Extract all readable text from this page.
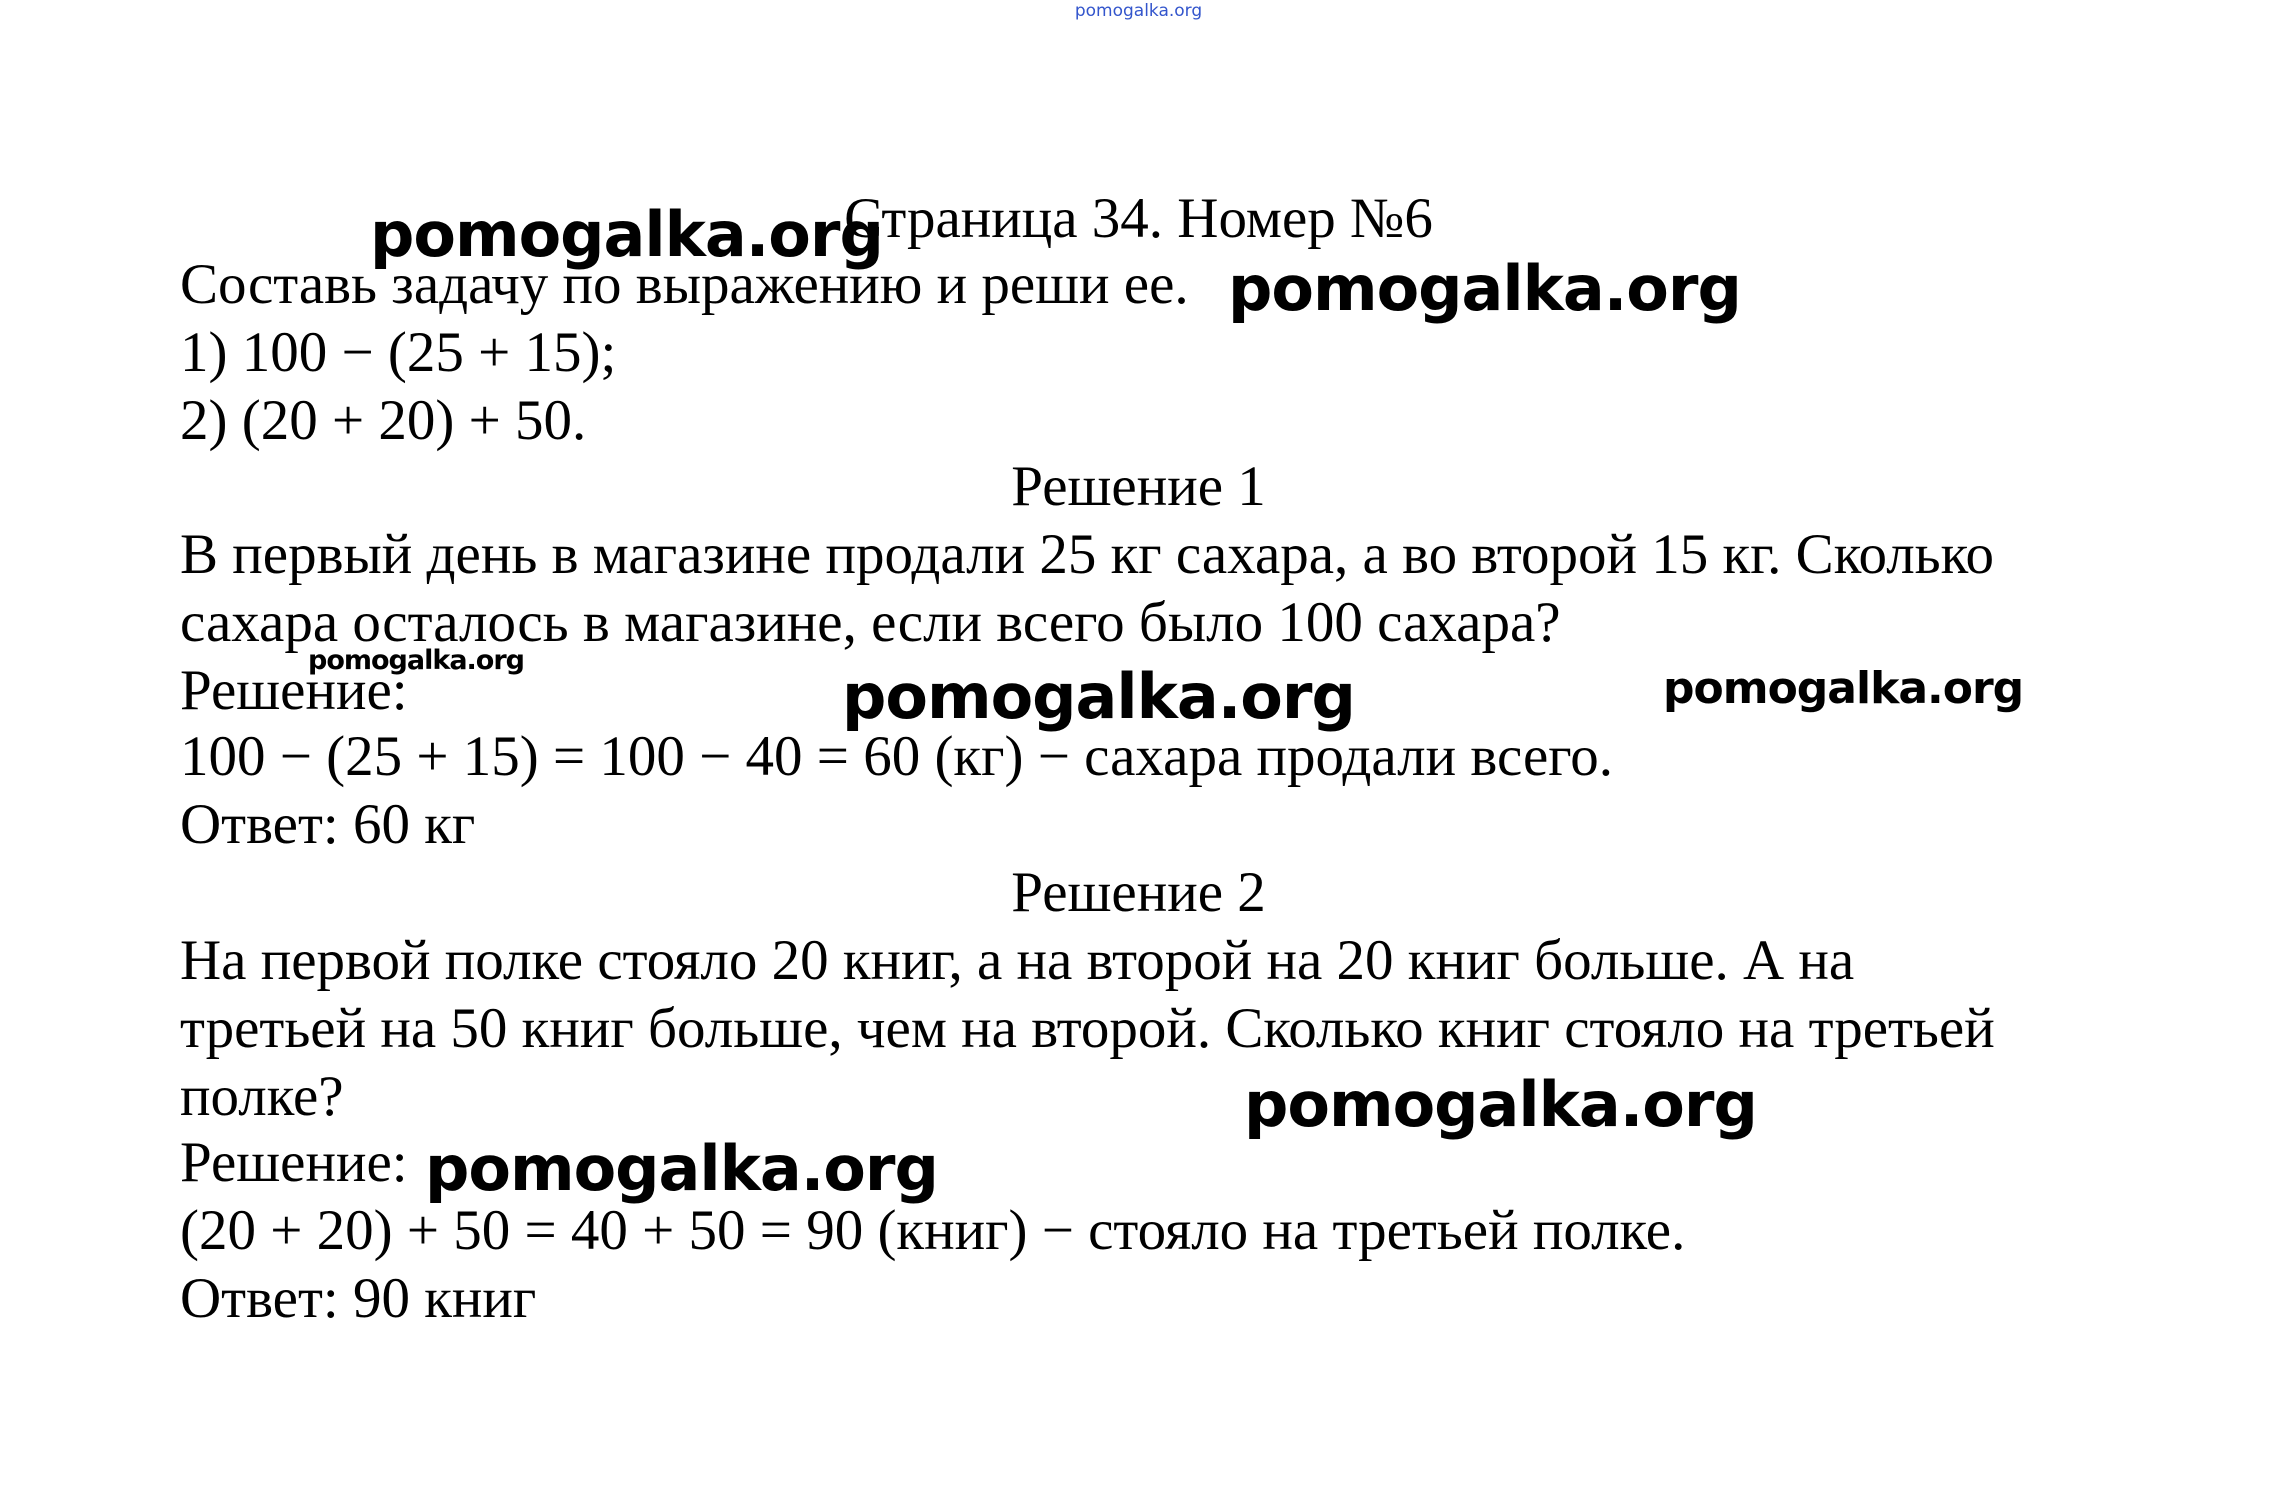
pomogalka.org
Страница 34. Номер №6
Составь задачу по выражению и реши ее.
1) 100 − (25 + 15);
2) (20 + 20) + 50.
Решение 1
В первый день в магазине продали 25 кг сахара, а во второй 15 кг. Сколько
сахара осталось в магазине, если всего было 100 сахара?
Решение:
100 − (25 + 15) = 100 − 40 = 60 (кг) − сахара продали всего.
Ответ: 60 кг
Решение 2
На первой полке стояло 20 книг, а на второй на 20 книг больше. А на
третьей на 50 книг больше, чем на второй. Сколько книг стояло на третьей
полке?
Решение:
(20 + 20) + 50 = 40 + 50 = 90 (книг) − стояло на третьей полке.
Ответ: 90 книг
pomogalka.org
pomogalka.org
pomogalka.org	pomogalka.org	pomogalka.org
pomogalka.org
pomogalka.org
